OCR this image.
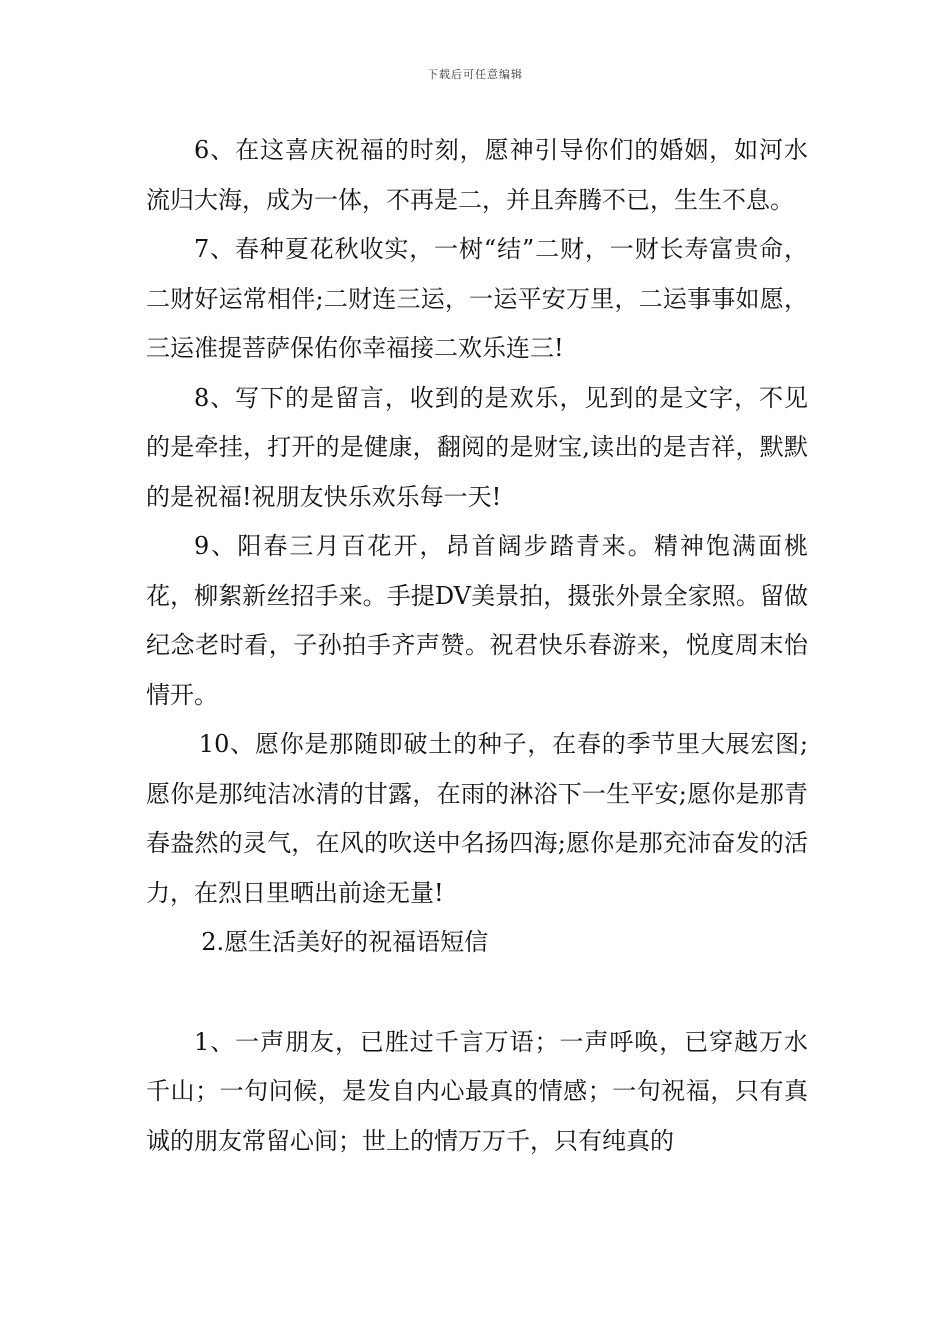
下载后可任意编辑

6、在这喜庆祝福的时刻，愿神引导你们的婚姻，如河水流归大海，成为一体，不再是二，并且奔腾不已，生生不息。

7、春种夏花秋收实，一树“结”二财，一财长寿富贵命，二财好运常相伴;二财连三运，一运平安万里，二运事事如愿，三运准提菩萨保佑你幸福接二欢乐连三!

8、写下的是留言，收到的是欢乐，见到的是文字，不见的是牵挂，打开的是健康，翻阅的是财宝,读出的是吉祥，默默的是祝福!祝朋友快乐欢乐每一天!

9、阳春三月百花开，昂首阔步踏青来。精神饱满面桃花，柳絮新丝招手来。手提DV美景拍，摄张外景全家照。留做纪念老时看，子孙拍手齐声赞。祝君快乐春游来，悦度周末怡情开。

10、愿你是那随即破土的种子，在春的季节里大展宏图;愿你是那纯洁冰清的甘露，在雨的淋浴下一生平安;愿你是那青春盎然的灵气，在风的吹送中名扬四海;愿你是那充沛奋发的活力，在烈日里晒出前途无量!

2.愿生活美好的祝福语短信

1、一声朋友，已胜过千言万语；一声呼唤，已穿越万水千山；一句问候，是发自内心最真的情感；一句祝福，只有真诚的朋友常留心间；世上的情万万千，只有纯真的
